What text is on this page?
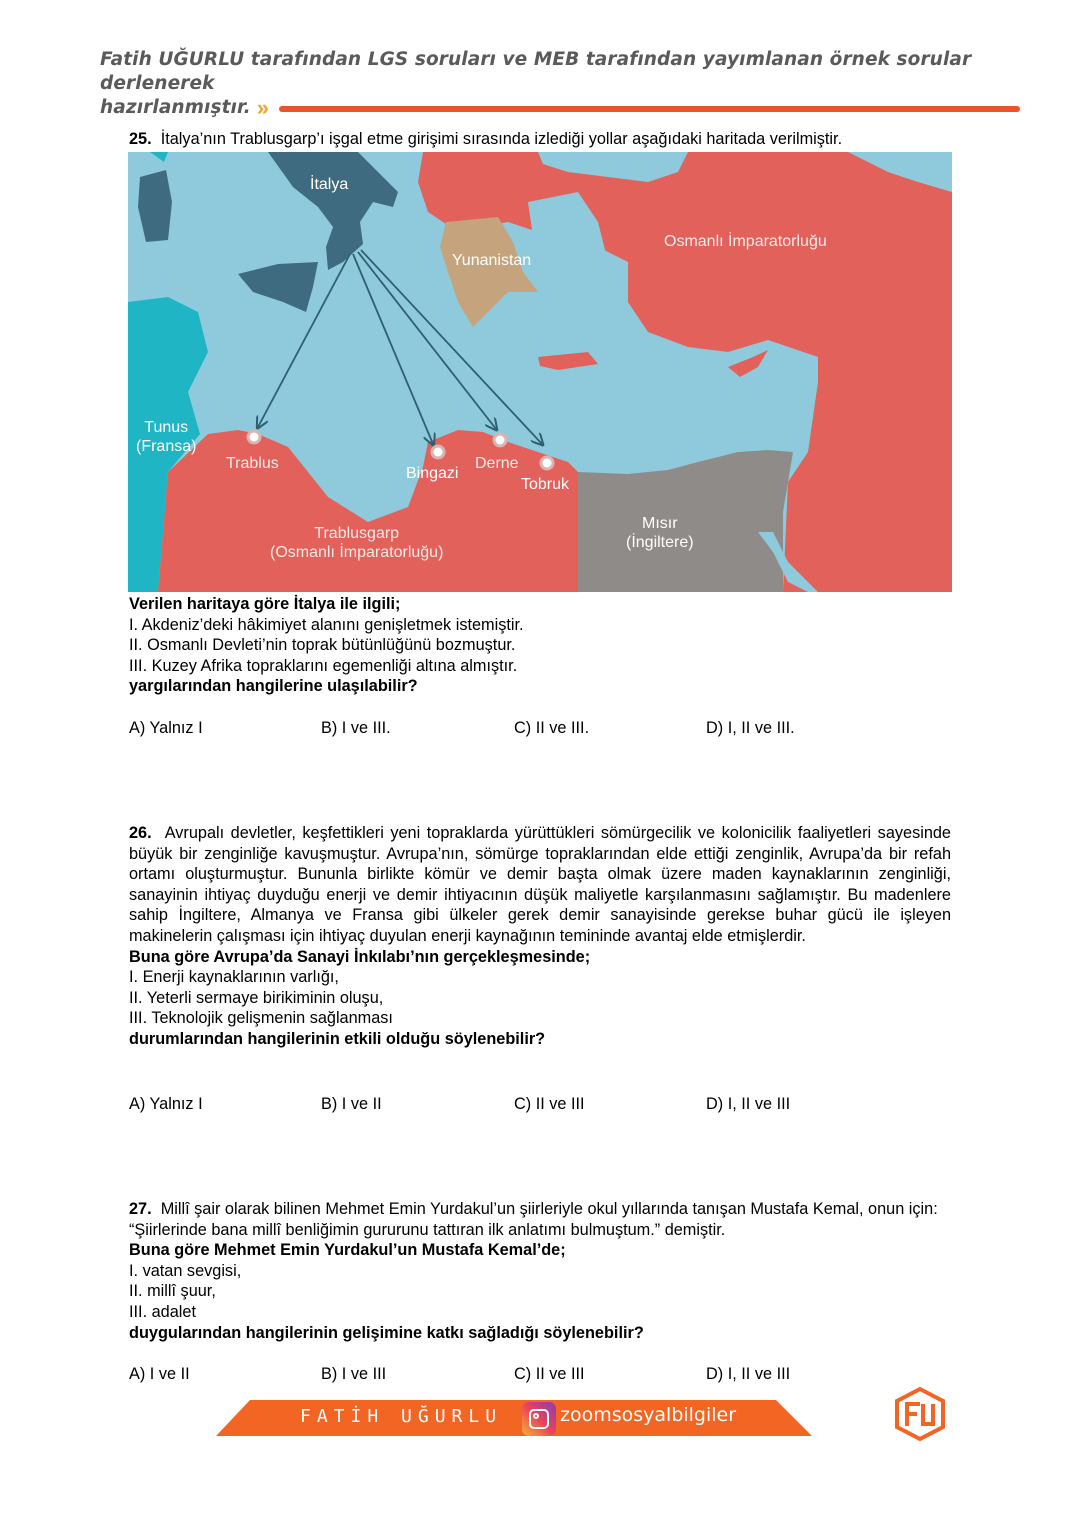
Fatih UĞURLU tarafından LGS soruları ve MEB tarafından yayımlanan örnek sorular derlenerek
hazırlanmıştır. »

25. İtalya’nın Trablusgarp’ı işgal etme girişimi sırasında izlediği yollar aşağıdaki haritada verilmiştir.

İtalya
Yunanistan
Osmanlı İmparatorluğu
Tunus
(Fransa)
Trablus
Bingazi
Derne
Tobruk
Trablusgarp
(Osmanlı İmparatorluğu)
Mısır
(İngiltere)

Verilen haritaya göre İtalya ile ilgili;

I. Akdeniz’deki hâkimiyet alanını genişletmek istemiştir.

II. Osmanlı Devleti’nin toprak bütünlüğünü bozmuştur.

III. Kuzey Afrika topraklarını egemenliği altına almıştır.

yargılarından hangilerine ulaşılabilir?

A) Yalnız I	B) I ve III.	C) II ve III.	D) I, II ve III.

26. Avrupalı devletler, keşfettikleri yeni topraklarda yürüttükleri sömürgecilik ve kolonicilik faaliyetleri sayesinde büyük bir zenginliğe kavuşmuştur. Avrupa’nın, sömürge topraklarından elde ettiği zenginlik, Avrupa’da bir refah ortamı oluşturmuştur. Bununla birlikte kömür ve demir başta olmak üzere maden kaynaklarının zenginliği, sanayinin ihtiyaç duyduğu enerji ve demir ihtiyacının düşük maliyetle karşılanmasını sağlamıştır. Bu madenlere sahip İngiltere, Almanya ve Fransa gibi ülkeler gerek demir sanayisinde gerekse buhar gücü ile işleyen makinelerin çalışması için ihtiyaç duyulan enerji kaynağının temininde avantaj elde etmişlerdir.

Buna göre Avrupa’da Sanayi İnkılabı’nın gerçekleşmesinde;

I. Enerji kaynaklarının varlığı,

II. Yeterli sermaye birikiminin oluşu,

III. Teknolojik gelişmenin sağlanması

durumlarından hangilerinin etkili olduğu söylenebilir?

A) Yalnız I	B) I ve II	C) II ve III	D) I, II ve III

27. Millî şair olarak bilinen Mehmet Emin Yurdakul’un şiirleriyle okul yıllarında tanışan Mustafa Kemal, onun için: “Şiirlerinde bana millî benliğimin gururunu tattıran ilk anlatımı bulmuştum.” demiştir.

Buna göre Mehmet Emin Yurdakul’un Mustafa Kemal’de;

I. vatan sevgisi,

II. millî şuur,

III. adalet

duygularından hangilerinin gelişimine katkı sağladığı söylenebilir?

A) I ve II	B) I ve III	C) II ve III	D) I, II ve III
FATİH UĞURLU	zoomsosyalbilgiler
